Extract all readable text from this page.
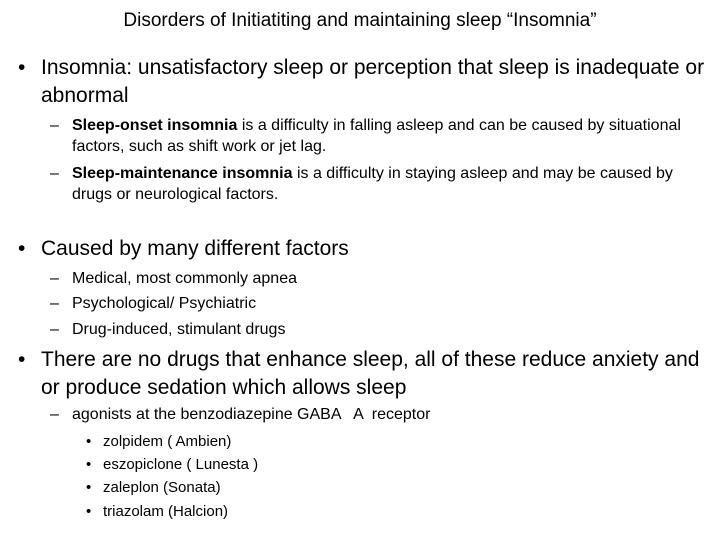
Disorders of Initiatiting and maintaining sleep “Insomnia”
• Insomnia: unsatisfactory sleep or perception that sleep is inadequate or abnormal
– Sleep-onset insomnia is a difficulty in falling asleep and can be caused by situational factors, such as shift work or jet lag.
– Sleep-maintenance insomnia is a difficulty in staying asleep and may be caused by drugs or neurological factors.
• Caused by many different factors
– Medical, most commonly apnea
– Psychological/ Psychiatric
– Drug-induced, stimulant drugs
• There are no drugs that enhance sleep, all of these reduce anxiety and or produce sedation which allows sleep
– agonists at the benzodiazepine GABA   A  receptor
• zolpidem ( Ambien)
• eszopiclone ( Lunesta )
• zaleplon (Sonata)
• triazolam (Halcion)
